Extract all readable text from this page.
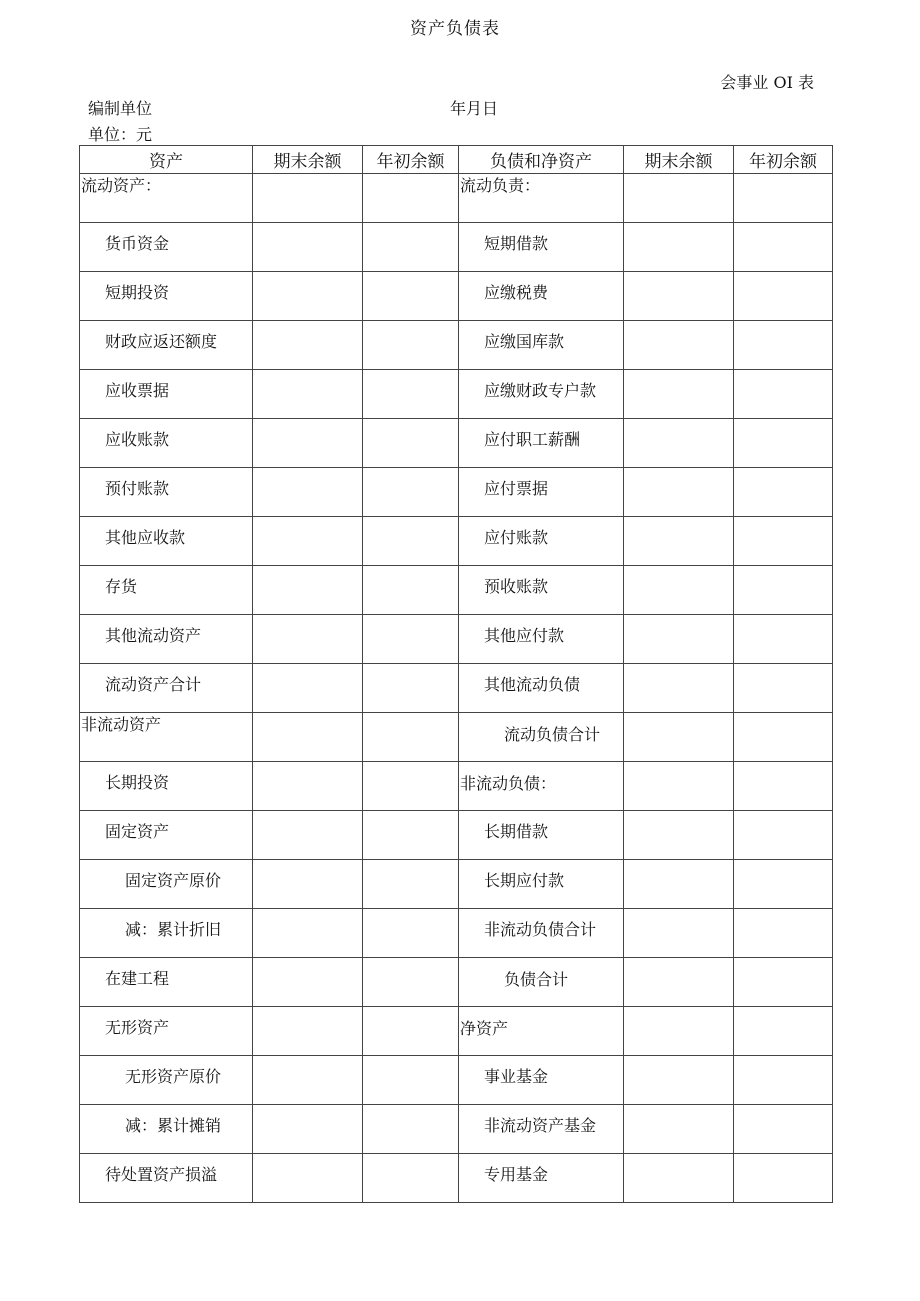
资产负债表
会事业 OI 表
编制单位	年月日
单位：元
资产	期末余额	年初余额	负债和净资产	期末余额	年初余额

流动资产：			流动负责：		

货币资金			短期借款		

短期投资			应缴税费		

财政应返还额度			应缴国库款		

应收票据			应缴财政专户款		

应收账款			应付职工薪酬		

预付账款			应付票据		

其他应收款			应付账款		

存货			预收账款		

其他流动资产			其他应付款		

流动资产合计			其他流动负债		

非流动资产			流动负债合计		

长期投资			非流动负债：		

固定资产			长期借款		

固定资产原价			长期应付款		

减：累计折旧			非流动负债合计		

在建工程			负债合计		

无形资产			净资产		

无形资产原价			事业基金		

减：累计摊销			非流动资产基金		

待处置资产损溢			专用基金		
